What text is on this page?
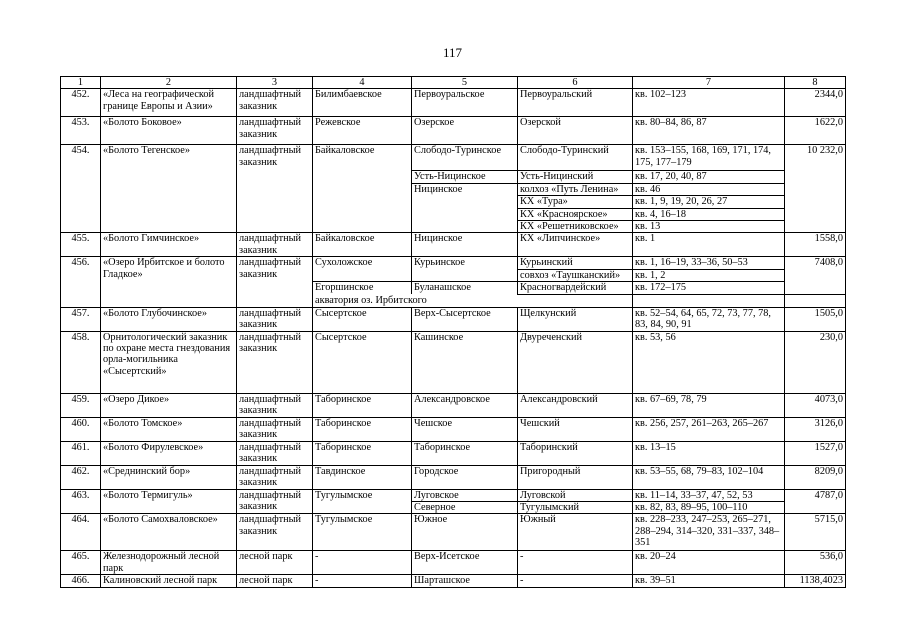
117
1	2	3	4	5	6	7	8
452.	«Леса на географической границе Европы и Азии»	ландшафтный заказник	Билимбаевское	Первоуральское	Первоуральский	кв. 102–123	2344,0
453.	«Болото Боковое»	ландшафтный заказник	Режевское	Озерское	Озерской	кв. 80–84, 86, 87	1622,0
454.	«Болото Тегенское»	ландшафтный заказник	Байкаловское	Слободо-Туринское	Слободо-Туринский	кв. 153–155, 168, 169, 171, 174, 175, 177–179	10 232,0
				Усть-Ницинское	Усть-Ницинский	кв. 17, 20, 40, 87	
				Ницинское	колхоз «Путь Ленина»	кв. 46	
					КХ «Тура»	кв. 1, 9, 19, 20, 26, 27	
					КХ «Красноярское»	кв. 4, 16–18	
					КХ «Решетниковское»	кв. 13	
455.	«Болото Гимчинское»	ландшафтный заказник	Байкаловское	Ницинское	КХ «Липчинское»	кв. 1	1558,0
456.	«Озеро Ирбитское и болото Гладкое»	ландшафтный заказник	Сухоложское	Курьинское	Курьинский	кв. 1, 16–19, 33–36, 50–53	7408,0
					совхоз «Таушканский»	кв. 1, 2	
			Егоршинское	Буланашское	Красногвардейский	кв. 172–175	
			акватория оз. Ирбитского				
457.	«Болото Глубочинское»	ландшафтный заказник	Сысертское	Верх-Сысертское	Щелкунский	кв. 52–54, 64, 65, 72, 73, 77, 78, 83, 84, 90, 91	1505,0
458.	Орнитологический заказник по охране места гнездования орла-могильника «Сысертский»	ландшафтный заказник	Сысертское	Кашинское	Двуреченский	кв. 53, 56	230,0
459.	«Озеро Дикое»	ландшафтный заказник	Таборинское	Александровское	Александровский	кв. 67–69, 78, 79	4073,0
460.	«Болото Томское»	ландшафтный заказник	Таборинское	Чешское	Чешский	кв. 256, 257, 261–263, 265–267	3126,0
461.	«Болото Фирулевское»	ландшафтный заказник	Таборинское	Таборинское	Таборинский	кв. 13–15	1527,0
462.	«Среднинский бор»	ландшафтный заказник	Тавдинское	Городское	Пригородный	кв. 53–55, 68, 79–83, 102–104	8209,0
463.	«Болото Термигуль»	ландшафтный заказник	Тугулымское	Луговское	Луговской	кв. 11–14, 33–37, 47, 52, 53	4787,0
				Северное	Тугулымский	кв. 82, 83, 89–95, 100–110	
464.	«Болото Самохваловское»	ландшафтный заказник	Тугулымское	Южное	Южный	кв. 228–233, 247–253, 265–271, 288–294, 314–320, 331–337, 348–351	5715,0
465.	Железнодорожный лесной парк	лесной парк	-	Верх-Исетское	-	кв. 20–24	536,0
466.	Калиновский лесной парк	лесной парк	-	Шарташское	-	кв. 39–51	1138,4023
